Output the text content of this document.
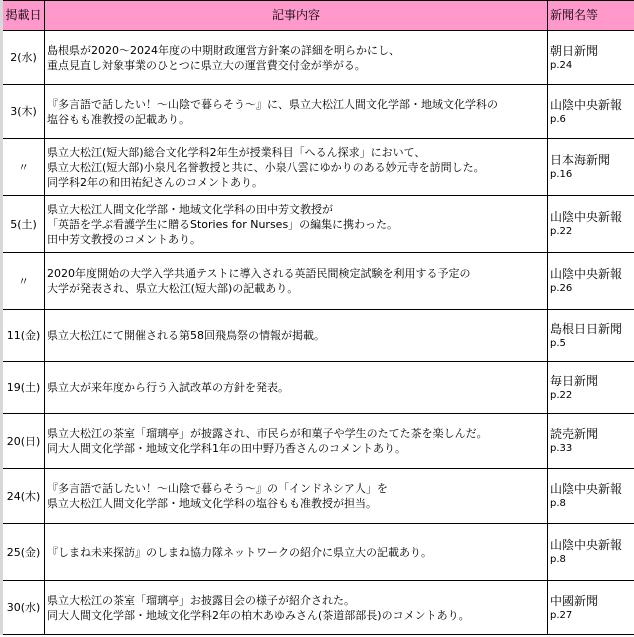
掲載日	記事内容	新聞名等
2(水)	島根県が2020～2024年度の中期財政運営方針案の詳細を明らかにし、
重点見直し対象事業のひとつに県立大の運営費交付金が挙がる。	朝日新聞
p.24

3(木)	『多言語で話したい！～山陰で暮らそう～』に、県立大松江人間文化学部・地域文化学科の
塩谷もも准教授の記載あり。	山陰中央新報
p.6

〃	県立大松江(短大部)総合文化学科2年生が授業科目「へるん探求」において、
県立大松江(短大部)小泉凡名誉教授と共に、小泉八雲にゆかりのある妙元寺を訪問した。
同学科2年の和田祐紀さんのコメントあり。	日本海新聞
p.16

5(土)	県立大松江人間文化学部・地域文化学科の田中芳文教授が
「英語を学ぶ看護学生に贈るStories for Nurses」の編集に携わった。
田中芳文教授のコメントあり。	山陰中央新報
p.22

〃	2020年度開始の大学入学共通テストに導入される英語民間検定試験を利用する予定の
大学が発表され、県立大松江(短大部)の記載あり。	山陰中央新報
p.26

11(金)	県立大松江にて開催される第58回飛鳥祭の情報が掲載。	島根日日新聞
p.5

19(土)	県立大が来年度から行う入試改革の方針を発表。	毎日新聞
p.22

20(日)	県立大松江の茶室「瑠璃亭」が披露され、市民らが和菓子や学生のたてた茶を楽しんだ。
同大人間文化学部・地域文化学科1年の田中野乃香さんのコメントあり。	読売新聞
p.33

24(木)	『多言語で話したい！～山陰で暮らそう～』の「インドネシア人」を
県立大松江人間文化学部・地域文化学科の塩谷もも准教授が担当。	山陰中央新報
p.8

25(金)	『しまね未来探訪』のしまね協力隊ネットワークの紹介に県立大の記載あり。	山陰中央新報
p.8

30(水)	県立大松江の茶室「瑠璃亭」お披露目会の様子が紹介された。
同大人間文化学部・地域文化学科2年の柏木あゆみさん(茶道部部長)のコメントあり。	中國新聞
p.27
